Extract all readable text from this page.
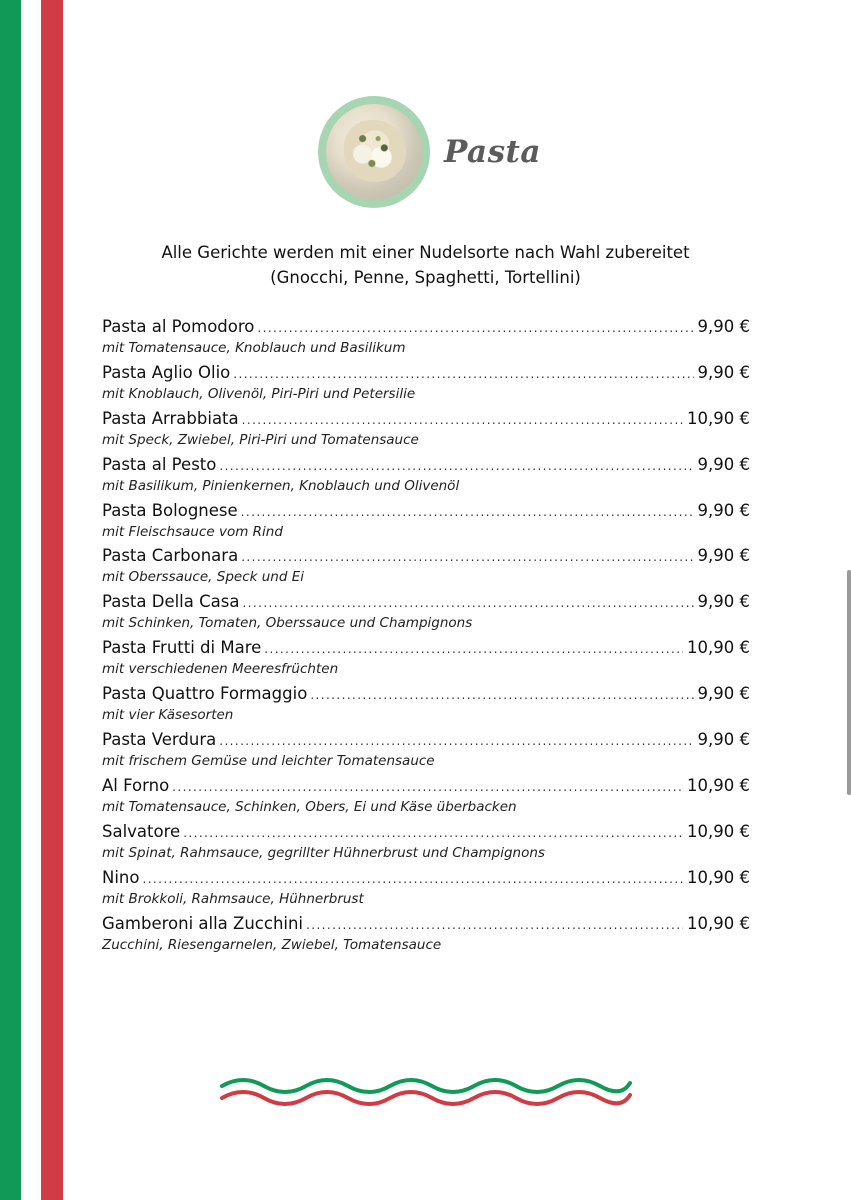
Pasta
Alle Gerichte werden mit einer Nudelsorte nach Wahl zubereitet
(Gnocchi, Penne, Spaghetti, Tortellini)
Pasta al Pomodoro .....	9,90 €
mit Tomatensauce, Knoblauch und Basilikum
Pasta Aglio Olio .....	9,90 €
mit Knoblauch, Olivenöl, Piri-Piri und Petersilie
Pasta Arrabbiata .....	10,90 €
mit Speck, Zwiebel, Piri-Piri und Tomatensauce
Pasta al Pesto .....	9,90 €
mit Basilikum, Pinienkernen, Knoblauch und Olivenöl
Pasta Bolognese .....	9,90 €
mit Fleischsauce vom Rind
Pasta Carbonara .....	9,90 €
mit Oberssauce, Speck und Ei
Pasta Della Casa .....	9,90 €
mit Schinken, Tomaten, Oberssauce und Champignons
Pasta Frutti di Mare .....	10,90 €
mit verschiedenen Meeresfrüchten
Pasta Quattro Formaggio .....	9,90 €
mit vier Käsesorten
Pasta Verdura .....	9,90 €
mit frischem Gemüse und leichter Tomatensauce
Al Forno .....	10,90 €
mit Tomatensauce, Schinken, Obers, Ei und Käse überbacken
Salvatore .....	10,90 €
mit Spinat, Rahmsauce, gegrillter Hühnerbrust und Champignons
Nino .....	10,90 €
mit Brokkoli, Rahmsauce, Hühnerbrust
Gamberoni alla Zucchini .....	10,90 €
Zucchini, Riesengarnelen, Zwiebel, Tomatensauce
